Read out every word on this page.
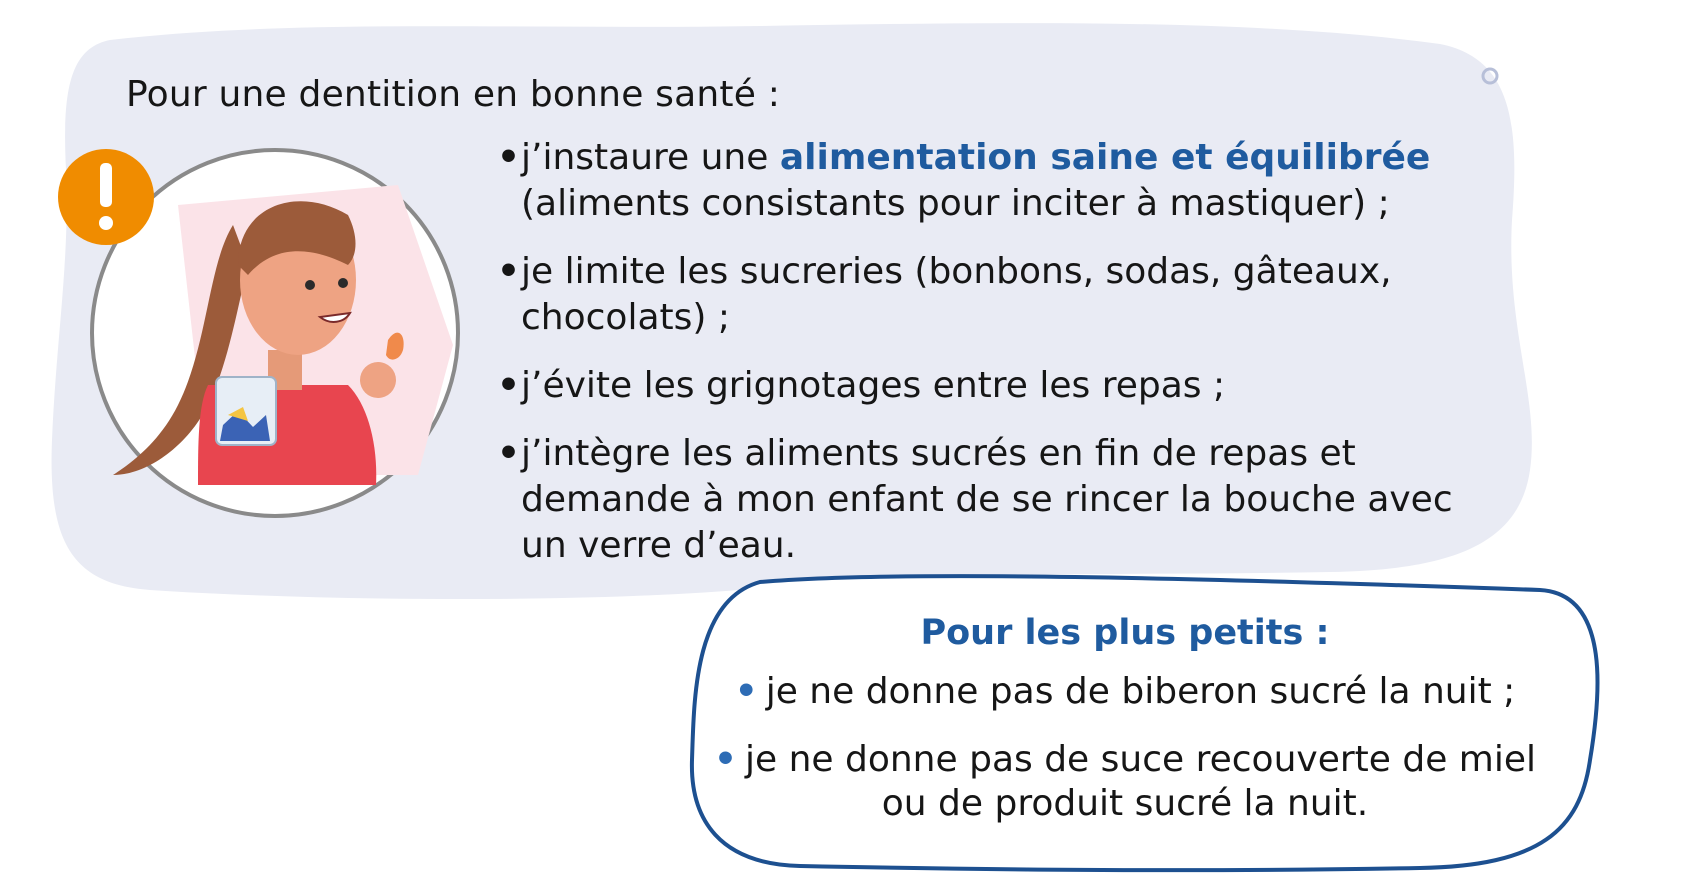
Pour une dentition en bonne santé :
• j’instaure une alimentation saine et équilibrée
(aliments consistants pour inciter à mastiquer) ;
• je limite les sucreries (bonbons, sodas, gâteaux,
chocolats) ;
• j’évite les grignotages entre les repas ;
• j’intègre les aliments sucrés en fin de repas et
demande à mon enfant de se rincer la bouche avec
un verre d’eau.
Pour les plus petits :
• je ne donne pas de biberon sucré la nuit ;
• je ne donne pas de suce recouverte de miel
ou de produit sucré la nuit.
